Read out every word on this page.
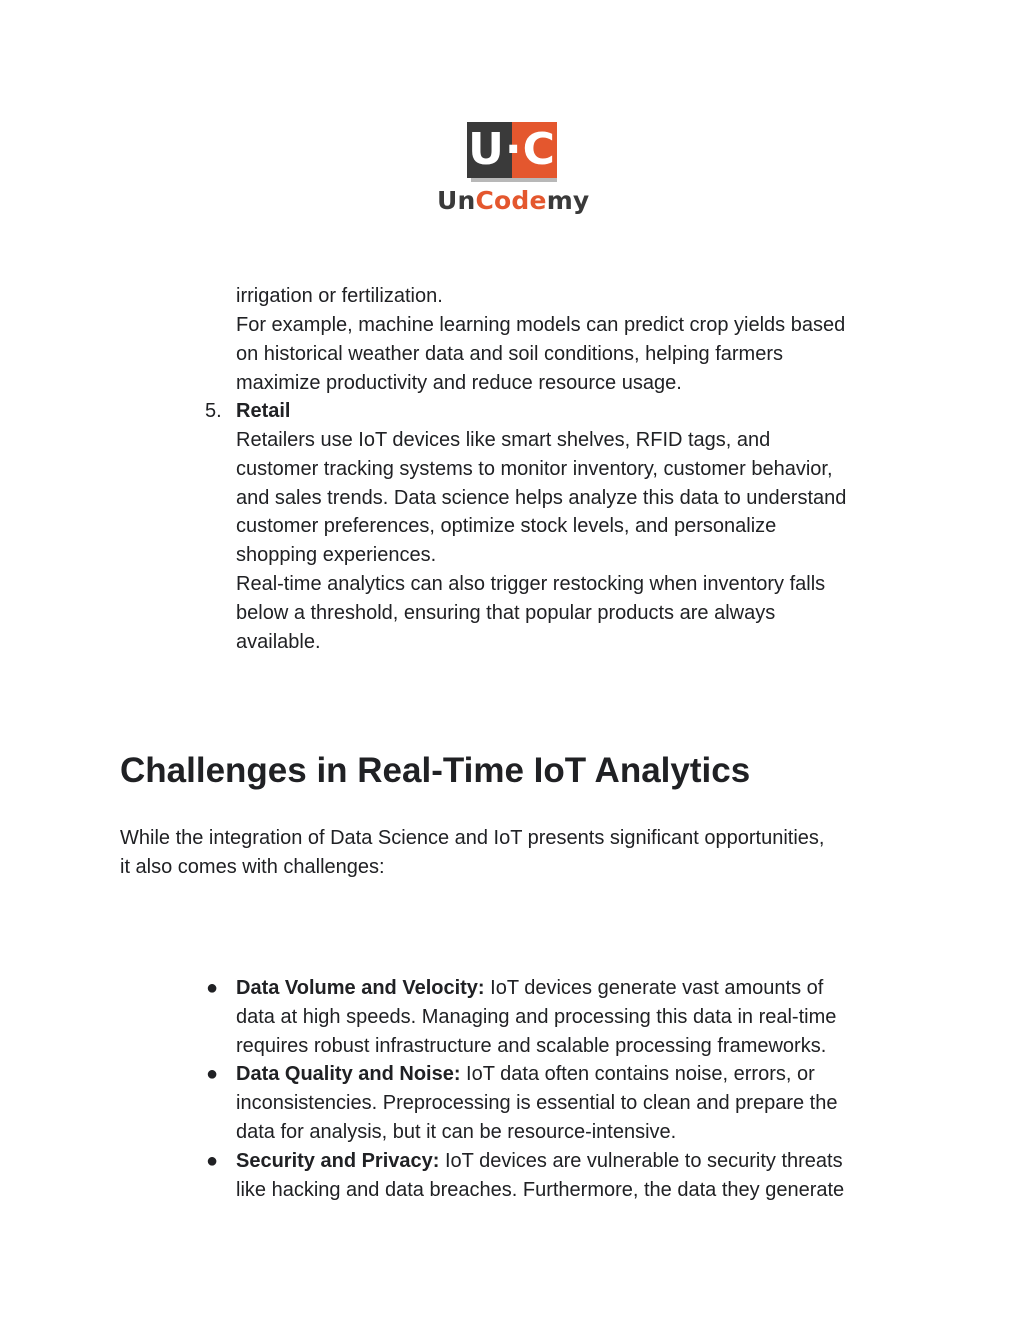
U·C
UnCodemy
irrigation or fertilization.
For example, machine learning models can predict crop yields based
on historical weather data and soil conditions, helping farmers
maximize productivity and reduce resource usage.
5. Retail
Retailers use IoT devices like smart shelves, RFID tags, and
customer tracking systems to monitor inventory, customer behavior,
and sales trends. Data science helps analyze this data to understand
customer preferences, optimize stock levels, and personalize
shopping experiences.
Real-time analytics can also trigger restocking when inventory falls
below a threshold, ensuring that popular products are always
available.
Challenges in Real-Time IoT Analytics
While the integration of Data Science and IoT presents significant opportunities,
it also comes with challenges:
● Data Volume and Velocity: IoT devices generate vast amounts of
data at high speeds. Managing and processing this data in real-time
requires robust infrastructure and scalable processing frameworks.
● Data Quality and Noise: IoT data often contains noise, errors, or
inconsistencies. Preprocessing is essential to clean and prepare the
data for analysis, but it can be resource-intensive.
● Security and Privacy: IoT devices are vulnerable to security threats
like hacking and data breaches. Furthermore, the data they generate
